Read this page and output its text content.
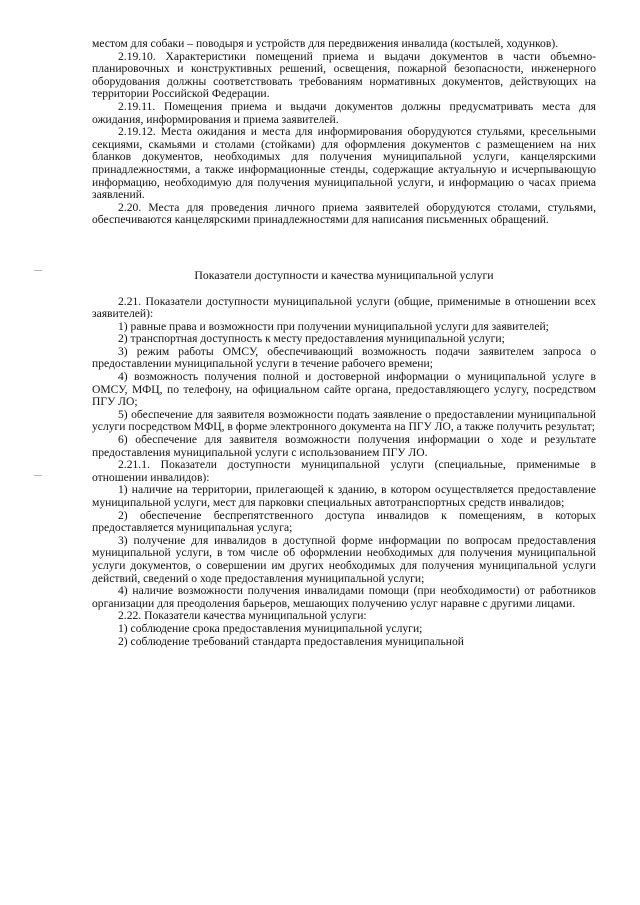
местом для собаки – поводыря и устройств для передвижения инвалида (костылей, ходунков).

2.19.10. Характеристики помещений приема и выдачи документов в части объемно-планировочных и конструктивных решений, освещения, пожарной безопасности, инженерного оборудования должны соответствовать требованиям нормативных документов, действующих на территории Российской Федерации.

2.19.11. Помещения приема и выдачи документов должны предусматривать места для ожидания, информирования и приема заявителей.

2.19.12. Места ожидания и места для информирования оборудуются стульями, кресельными секциями, скамьями и столами (стойками) для оформления документов с размещением на них бланков документов, необходимых для получения муниципальной услуги, канцелярскими принадлежностями, а также информационные стенды, содержащие актуальную и исчерпывающую информацию, необходимую для получения муниципальной услуги, и информацию о часах приема заявлений.

2.20. Места для проведения личного приема заявителей оборудуются столами, стульями, обеспечиваются канцелярскими принадлежностями для написания письменных обращений.

Показатели доступности и качества муниципальной услуги

2.21. Показатели доступности муниципальной услуги (общие, применимые в отношении всех заявителей):

1) равные права и возможности при получении муниципальной услуги для заявителей;

2) транспортная доступность к месту предоставления муниципальной услуги;

3) режим работы ОМСУ, обеспечивающий возможность подачи заявителем запроса о предоставлении муниципальной услуги в течение рабочего времени;

4) возможность получения полной и достоверной информации о муниципальной услуге в ОМСУ, МФЦ, по телефону, на официальном сайте органа, предоставляющего услугу, посредством ПГУ ЛО;

5) обеспечение для заявителя возможности подать заявление о предоставлении муниципальной услуги посредством МФЦ, в форме электронного документа на ПГУ ЛО, а также получить результат;

6) обеспечение для заявителя возможности получения информации о ходе и результате предоставления муниципальной услуги с использованием ПГУ ЛО.

2.21.1. Показатели доступности муниципальной услуги (специальные, применимые в отношении инвалидов):

1) наличие на территории, прилегающей к зданию, в котором осуществляется предоставление муниципальной услуги, мест для парковки специальных автотранспортных средств инвалидов;

2) обеспечение беспрепятственного доступа инвалидов к помещениям, в которых предоставляется муниципальная услуга;

3) получение для инвалидов в доступной форме информации по вопросам предоставления муниципальной услуги, в том числе об оформлении необходимых для получения муниципальной услуги документов, о совершении им других необходимых для получения муниципальной услуги действий, сведений о ходе предоставления муниципальной услуги;

4) наличие возможности получения инвалидами помощи (при необходимости) от работников организации для преодоления барьеров, мешающих получению услуг наравне с другими лицами.

2.22. Показатели качества муниципальной услуги:

1) соблюдение срока предоставления муниципальной услуги;

2) соблюдение требований стандарта предоставления муниципальной
